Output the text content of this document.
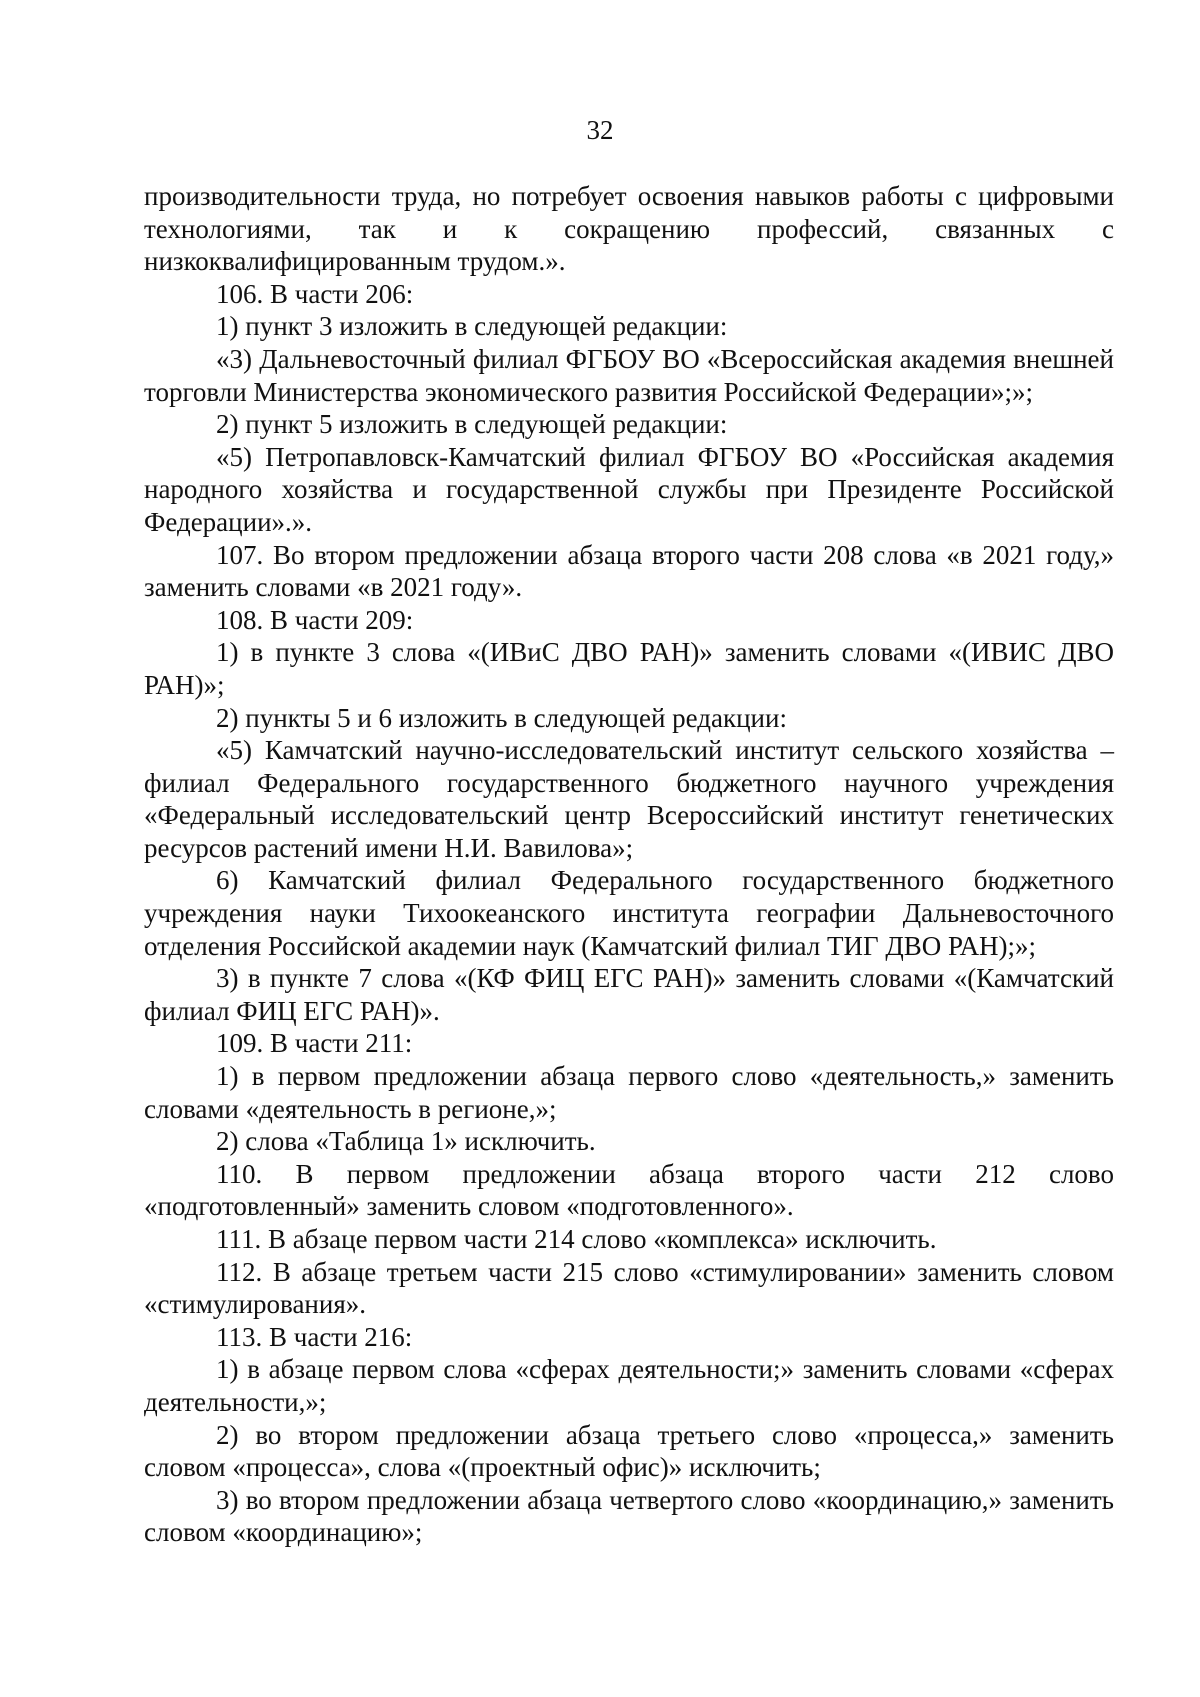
32

производительности труда, но потребует освоения навыков работы с цифровыми технологиями, так и к сокращению профессий, связанных с низкоквалифицированным трудом.».

106. В части 206:

1) пункт 3 изложить в следующей редакции:

«3) Дальневосточный филиал ФГБОУ ВО «Всероссийская академия внешней торговли Министерства экономического развития Российской Федерации»;»;

2) пункт 5 изложить в следующей редакции:

«5) Петропавловск-Камчатский филиал ФГБОУ ВО «Российская академия народного хозяйства и государственной службы при Президенте Российской Федерации».».

107. Во втором предложении абзаца второго части 208 слова «в 2021 году,» заменить словами «в 2021 году».

108. В части 209:

1) в пункте 3 слова «(ИВиС ДВО РАН)» заменить словами «(ИВИС ДВО РАН)»;

2) пункты 5 и 6 изложить в следующей редакции:

«5) Камчатский научно-исследовательский институт сельского хозяйства – филиал Федерального государственного бюджетного научного учреждения «Федеральный исследовательский центр Всероссийский институт генетических ресурсов растений имени Н.И. Вавилова»;

6) Камчатский филиал Федерального государственного бюджетного учреждения науки Тихоокеанского института географии Дальневосточного отделения Российской академии наук (Камчатский филиал ТИГ ДВО РАН);»;

3) в пункте 7 слова «(КФ ФИЦ ЕГС РАН)» заменить словами «(Камчатский филиал ФИЦ ЕГС РАН)».

109. В части 211:

1) в первом предложении абзаца первого слово «деятельность,» заменить словами «деятельность в регионе,»;

2) слова «Таблица 1» исключить.

110. В первом предложении абзаца второго части 212 слово «подготовленный» заменить словом «подготовленного».

111. В абзаце первом части 214 слово «комплекса» исключить.

112. В абзаце третьем части 215 слово «стимулировании» заменить словом «стимулирования».

113. В части 216:

1) в абзаце первом слова «сферах деятельности;» заменить словами «сферах деятельности,»;

2) во втором предложении абзаца третьего слово «процесса,» заменить словом «процесса», слова «(проектный офис)» исключить;

3) во втором предложении абзаца четвертого слово «координацию,» заменить словом «координацию»;
